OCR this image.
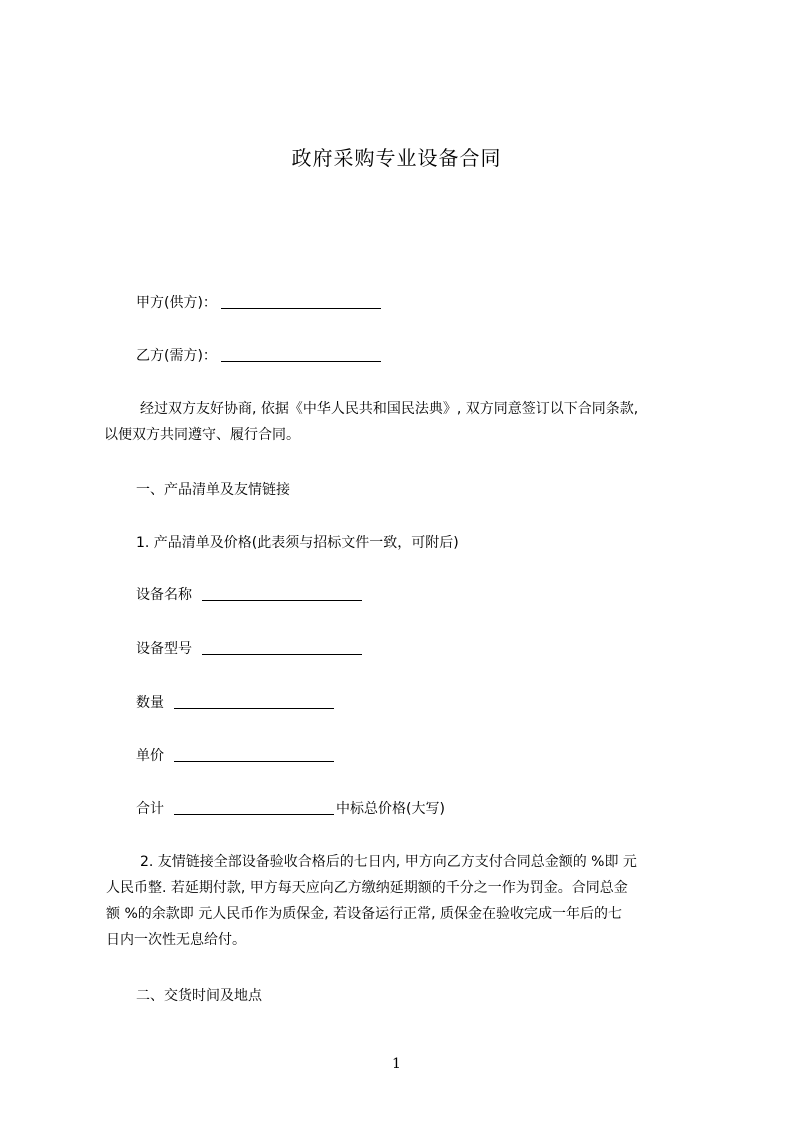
政府采购专业设备合同
甲方(供方)：
乙方(需方)：
经过双方友好协商, 依据《中华人民共和国民法典》, 双方同意签订以下合同条款,
以便双方共同遵守、履行合同。
一、产品清单及友情链接
1. 产品清单及价格(此表须与招标文件一致，可附后)
设备名称
设备型号
数量
单价
合计	中标总价格(大写)
2. 友情链接全部设备验收合格后的七日内, 甲方向乙方支付合同总金额的 %即 元
人民币整. 若延期付款, 甲方每天应向乙方缴纳延期额的千分之一作为罚金。合同总金
额 %的余款即 元人民币作为质保金, 若设备运行正常, 质保金在验收完成一年后的七
日内一次性无息给付。
二、交货时间及地点
1
